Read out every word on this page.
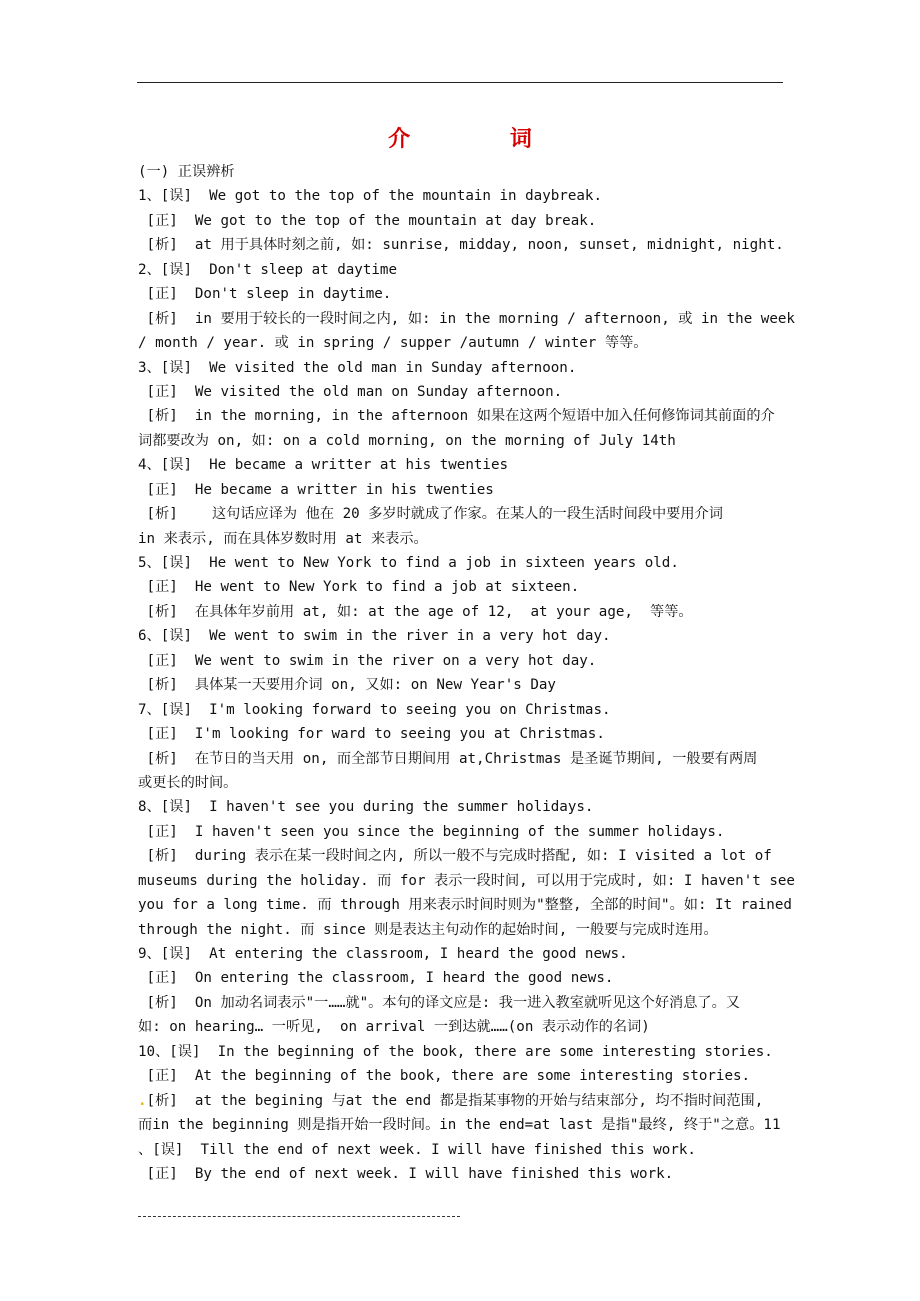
介 词
(一) 正误辨析
1、[误]  We got to the top of the mountain in daybreak.
[正]  We got to the top of the mountain at day break.
[析]  at 用于具体时刻之前, 如: sunrise, midday, noon, sunset, midnight, night.
2、[误]  Don't sleep at daytime
[正]  Don't sleep in daytime.
[析]  in 要用于较长的一段时间之内, 如: in the morning / afternoon, 或 in the week
/ month / year. 或 in spring / supper /autumn / winter 等等。
3、[误]  We visited the old man in Sunday afternoon.
[正]  We visited the old man on Sunday afternoon.
[析]  in the morning, in the afternoon 如果在这两个短语中加入任何修饰词其前面的介
词都要改为 on, 如: on a cold morning, on the morning of July 14th
4、[误]  He became a writter at his twenties
[正]  He became a writter in his twenties
[析]    这句话应译为 他在 20 多岁时就成了作家。在某人的一段生活时间段中要用介词
in 来表示, 而在具体岁数时用 at 来表示。
5、[误]  He went to New York to find a job in sixteen years old.
[正]  He went to New York to find a job at sixteen.
[析]  在具体年岁前用 at, 如: at the age of 12,  at your age,  等等。
6、[误]  We went to swim in the river in a very hot day.
[正]  We went to swim in the river on a very hot day.
[析]  具体某一天要用介词 on, 又如: on New Year's Day
7、[误]  I'm looking forward to seeing you on Christmas.
[正]  I'm looking for ward to seeing you at Christmas.
[析]  在节日的当天用 on, 而全部节日期间用 at,Christmas 是圣诞节期间, 一般要有两周
或更长的时间。
8、[误]  I haven't see you during the summer holidays.
[正]  I haven't seen you since the beginning of the summer holidays.
[析]  during 表示在某一段时间之内, 所以一般不与完成时搭配, 如: I visited a lot of
museums during the holiday. 而 for 表示一段时间, 可以用于完成时, 如: I haven't see
you for a long time. 而 through 用来表示时间时则为"整整, 全部的时间"。如: It rained
through the night. 而 since 则是表达主句动作的起始时间, 一般要与完成时连用。
9、[误]  At entering the classroom, I heard the good news.
[正]  On entering the classroom, I heard the good news.
[析]  On 加动名词表示"一……就"。本句的译文应是: 我一进入教室就听见这个好消息了。又
如: on hearing… 一听见,  on arrival 一到达就……(on 表示动作的名词)
10、[误]  In the beginning of the book, there are some interesting stories.
[正]  At the beginning of the book, there are some interesting stories.
.[析]  at the begining 与at the end 都是指某事物的开始与结束部分, 均不指时间范围,
而in the beginning 则是指开始一段时间。in the end=at last 是指"最终, 终于"之意。11
、[误]  Till the end of next week. I will have finished this work.
[正]  By the end of next week. I will have finished this work.
